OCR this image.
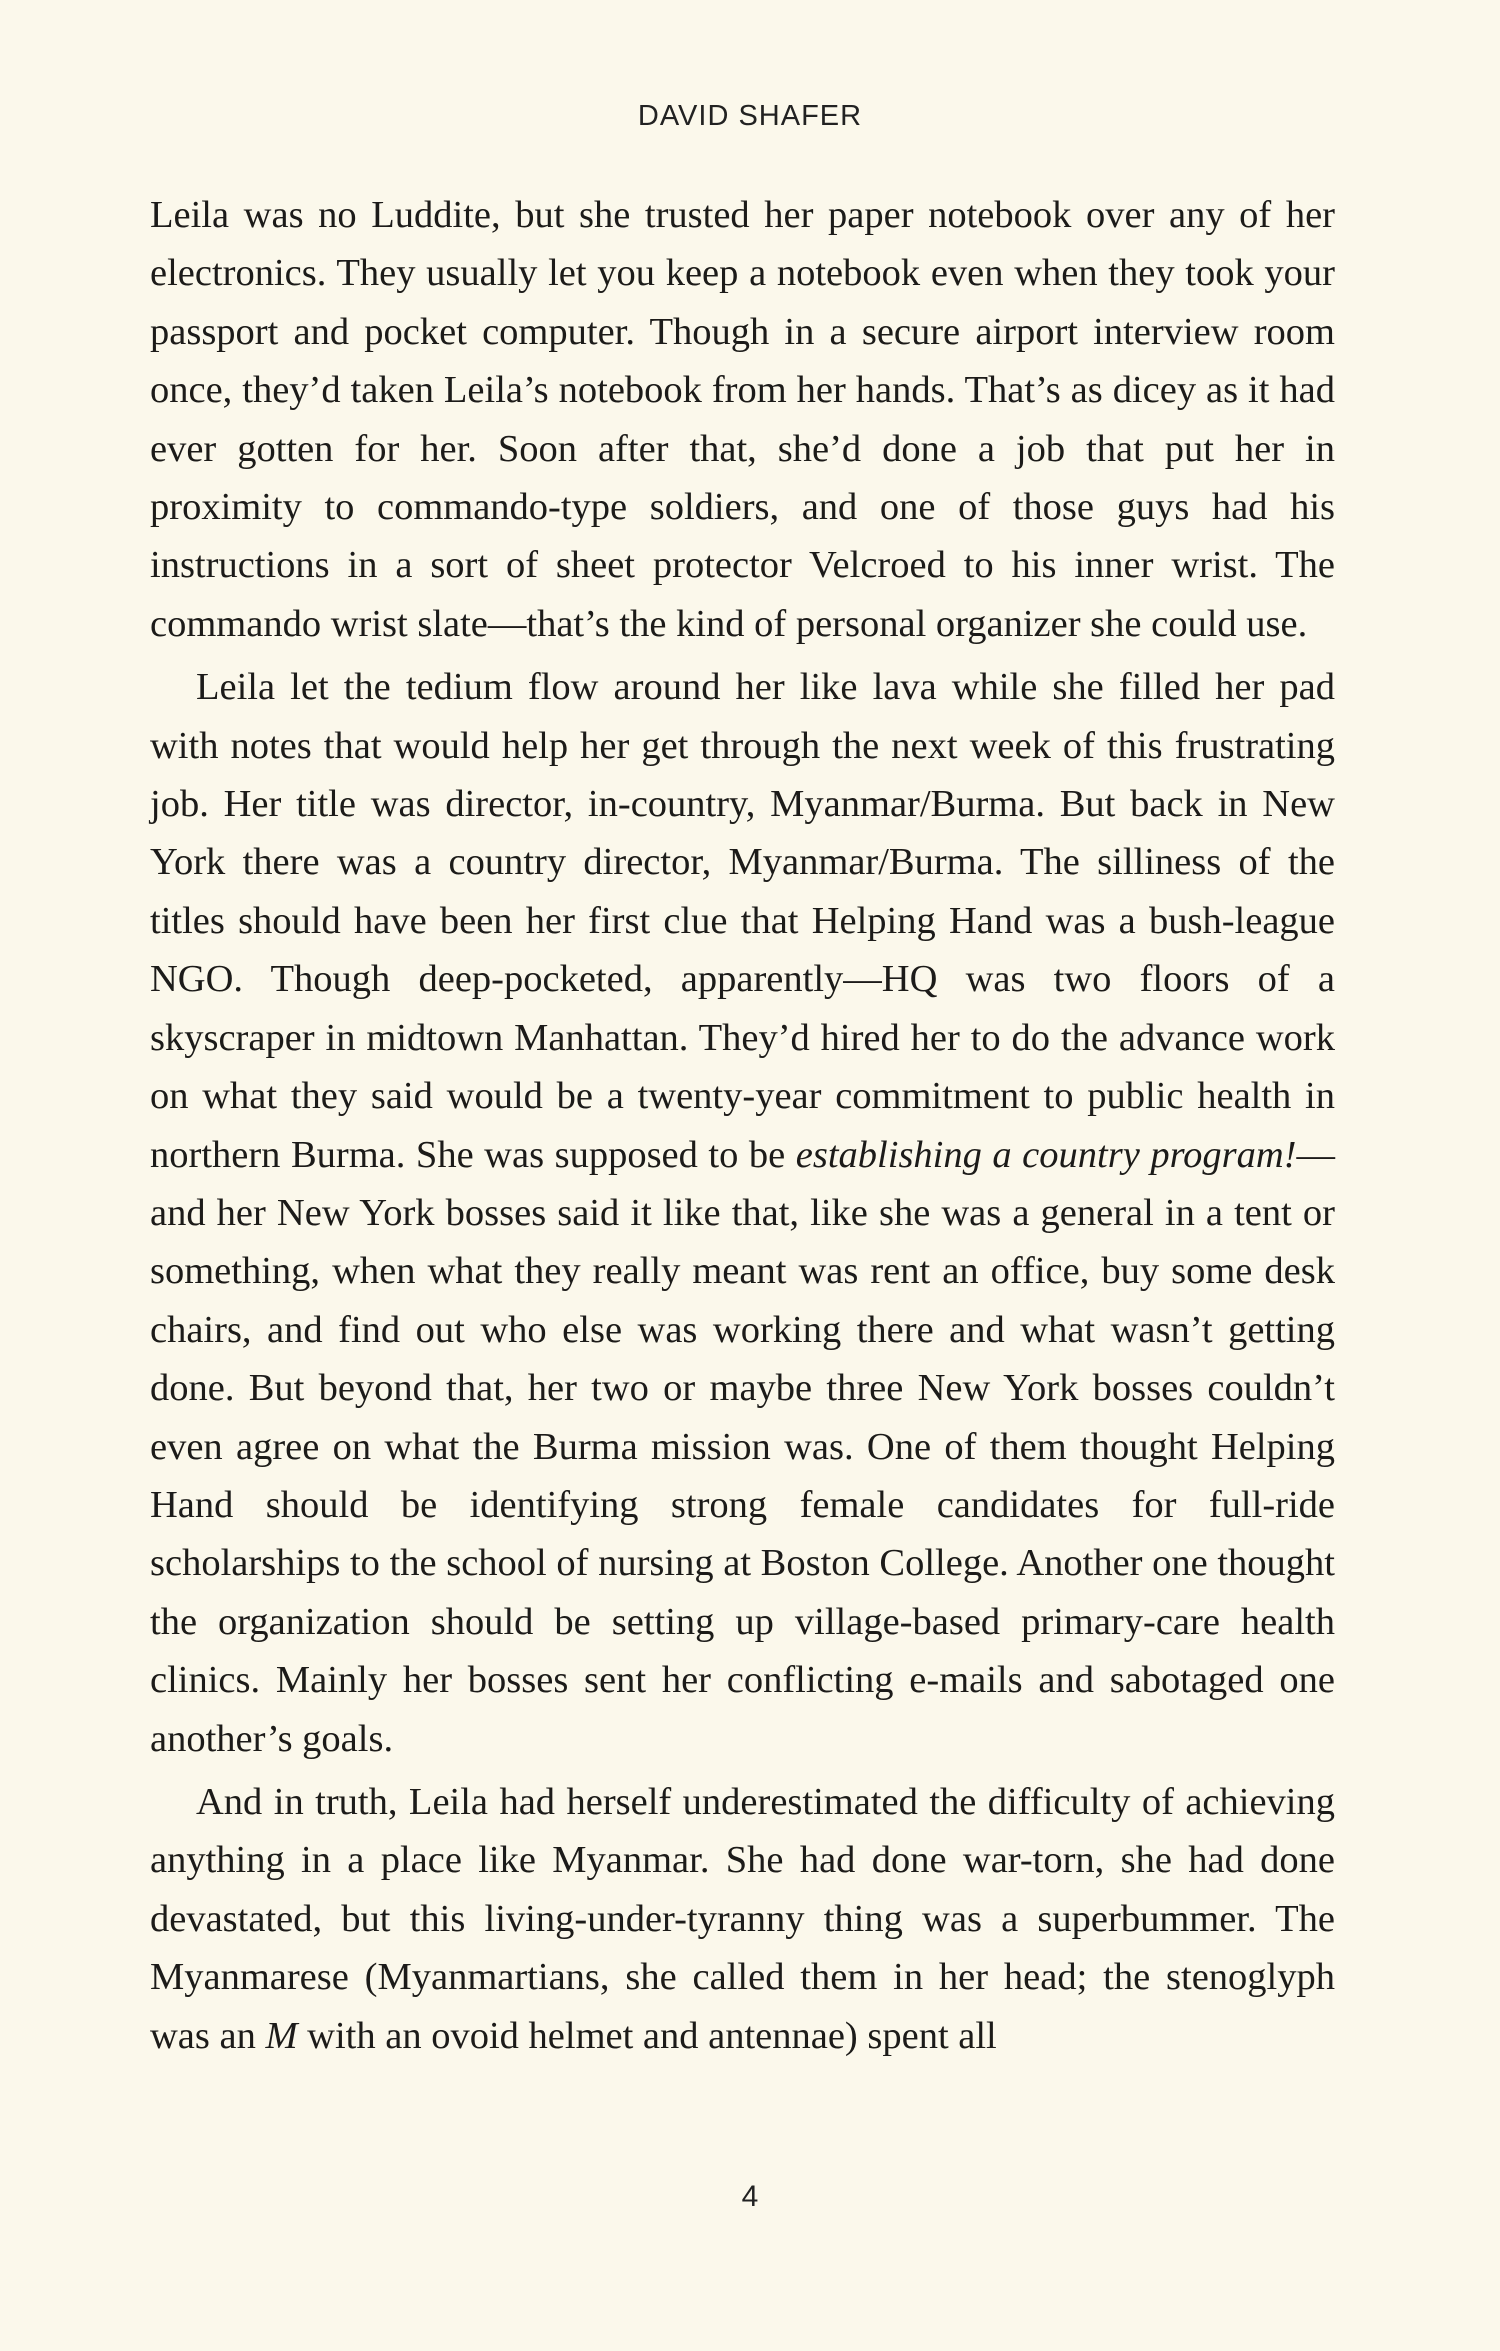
DAVID SHAFER

Leila was no Luddite, but she trusted her paper notebook over any of her electronics. They usually let you keep a notebook even when they took your passport and pocket computer. Though in a secure airport interview room once, they’d taken Leila’s notebook from her hands. That’s as dicey as it had ever gotten for her. Soon after that, she’d done a job that put her in proximity to commando-type soldiers, and one of those guys had his instructions in a sort of sheet protector Velcroed to his inner wrist. The commando wrist slate—that’s the kind of personal organizer she could use.

Leila let the tedium flow around her like lava while she filled her pad with notes that would help her get through the next week of this frustrating job. Her title was director, in-country, Myanmar/Burma. But back in New York there was a country director, Myanmar/Burma. The silliness of the titles should have been her first clue that Helping Hand was a bush-league NGO. Though deep-pocketed, apparently—HQ was two floors of a skyscraper in midtown Manhattan. They’d hired her to do the advance work on what they said would be a twenty-year commitment to public health in northern Burma. She was supposed to be establishing a country program!—and her New York bosses said it like that, like she was a general in a tent or something, when what they really meant was rent an office, buy some desk chairs, and find out who else was working there and what wasn’t getting done. But beyond that, her two or maybe three New York bosses couldn’t even agree on what the Burma mission was. One of them thought Helping Hand should be identifying strong female candidates for full-ride scholarships to the school of nursing at Boston College. Another one thought the organization should be setting up village-based primary-care health clinics. Mainly her bosses sent her conflicting e-mails and sabotaged one another’s goals.

And in truth, Leila had herself underestimated the difficulty of achieving anything in a place like Myanmar. She had done war-torn, she had done devastated, but this living-under-tyranny thing was a superbummer. The Myanmarese (Myanmartians, she called them in her head; the stenoglyph was an M with an ovoid helmet and antennae) spent all

4
